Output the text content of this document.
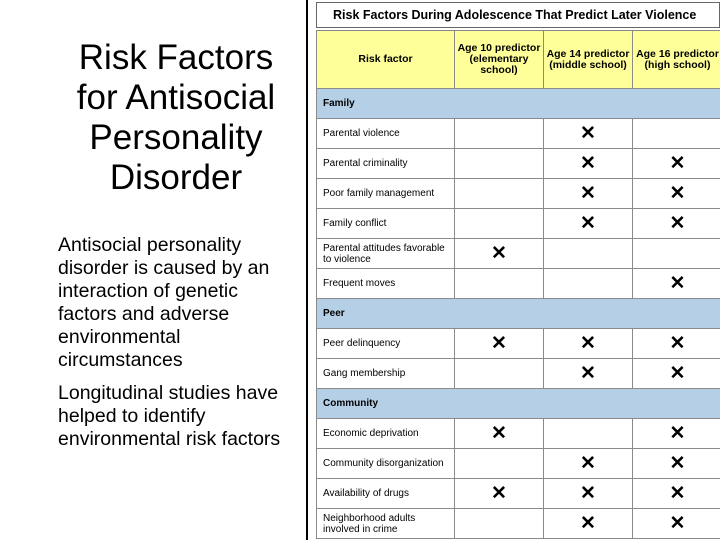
Risk Factors
for Antisocial
Personality
Disorder

Antisocial personality disorder is caused by an interaction of genetic factors and adverse environmental circumstances

Longitudinal studies have helped to identify environmental risk factors

Risk Factors During Adolescence That Predict Later Violence
Risk factor	Age 10 predictor (elementary school)	Age 14 predictor (middle school)	Age 16 predictor (high school)
Family			
Parental violence		✕	
Parental criminality		✕	✕
Poor family management		✕	✕
Family conflict		✕	✕
Parental attitudes favorable to violence	✕		
Frequent moves			✕
Peer			
Peer delinquency	✕	✕	✕
Gang membership		✕	✕
Community			
Economic deprivation	✕		✕
Community disorganization		✕	✕
Availability of drugs	✕	✕	✕
Neighborhood adults involved in crime		✕	✕
